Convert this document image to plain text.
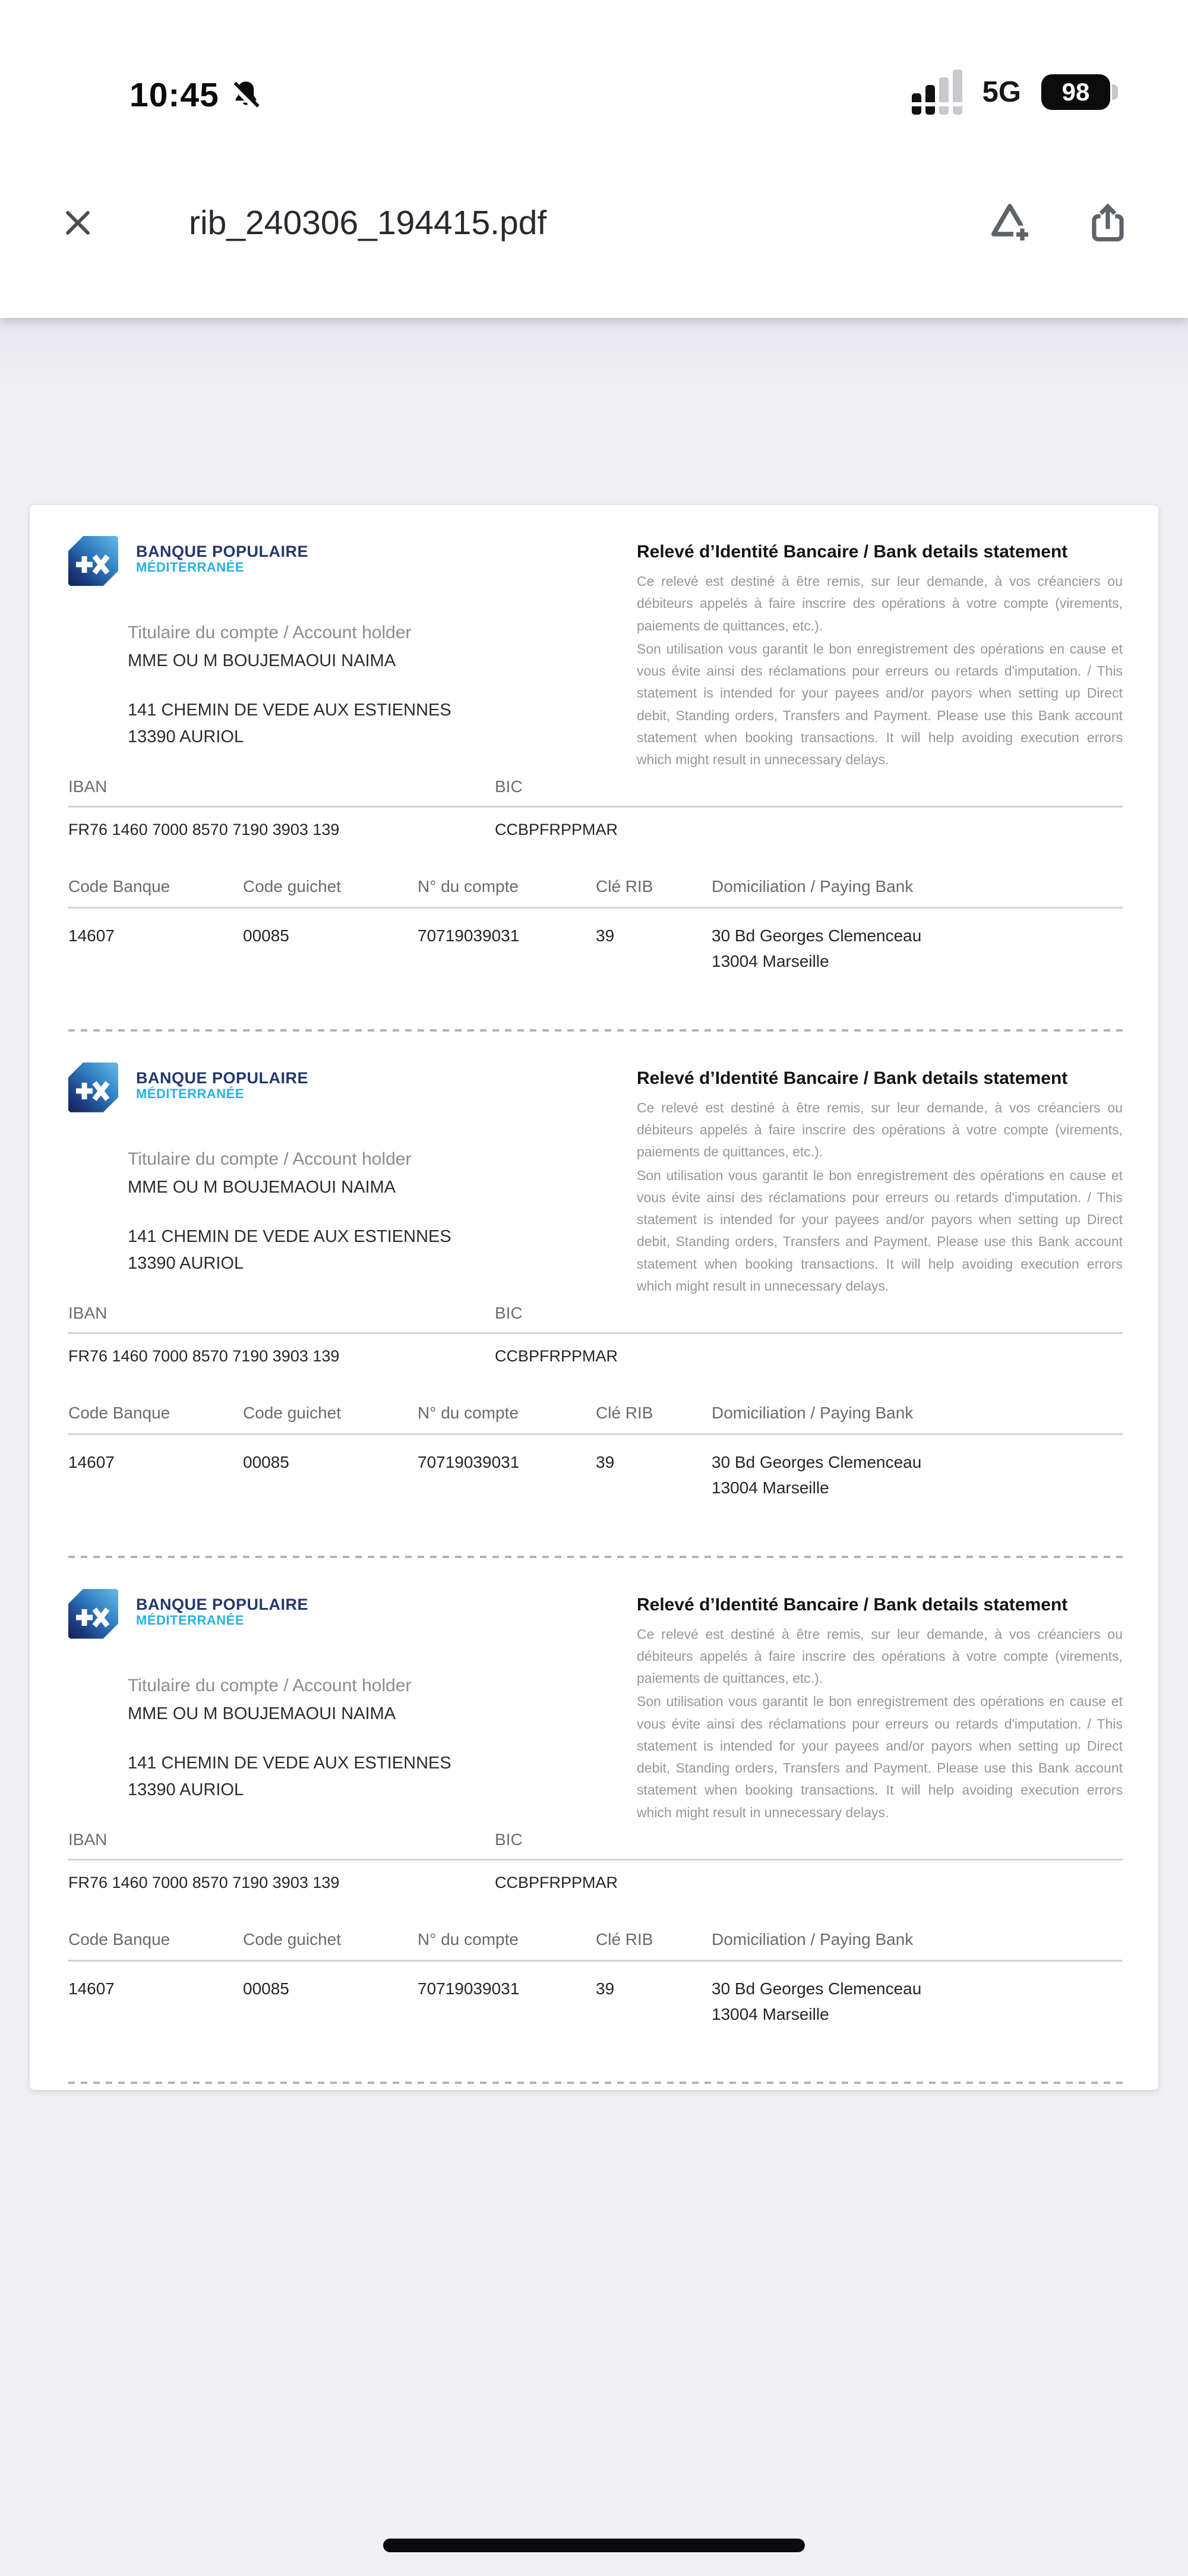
10:45	5G	98
rib_240306_194415.pdf
BANQUE POPULAIRE
MÉDITERRANÉE
Titulaire du compte / Account holder
MME OU M BOUJEMAOUI NAIMA
141 CHEMIN DE VEDE AUX ESTIENNES
13390 AURIOL
Relevé d’Identité Bancaire / Bank details statement
Ce relevé est destiné à être remis, sur leur demande, à vos créanciers ou débiteurs appelés à faire inscrire des opérations à votre compte (virements, paiements de quittances, etc.).
Son utilisation vous garantit le bon enregistrement des opérations en cause et vous évite ainsi des réclamations pour erreurs ou retards d'imputation. / This statement is intended for your payees and/or payors when setting up Direct debit, Standing orders, Transfers and Payment. Please use this Bank account statement when booking transactions. It will help avoiding execution errors which might result in unnecessary delays.
IBAN	BIC
FR76 1460 7000 8570 7190 3903 139	CCBPFRPPMAR
Code Banque	Code guichet	N° du compte	Clé RIB	Domiciliation / Paying Bank
14607	00085	70719039031	39	30 Bd Georges Clemenceau
13004 Marseille
BANQUE POPULAIRE
MÉDITERRANÉE
Titulaire du compte / Account holder
MME OU M BOUJEMAOUI NAIMA
141 CHEMIN DE VEDE AUX ESTIENNES
13390 AURIOL
Relevé d’Identité Bancaire / Bank details statement
Ce relevé est destiné à être remis, sur leur demande, à vos créanciers ou débiteurs appelés à faire inscrire des opérations à votre compte (virements, paiements de quittances, etc.).
Son utilisation vous garantit le bon enregistrement des opérations en cause et vous évite ainsi des réclamations pour erreurs ou retards d'imputation. / This statement is intended for your payees and/or payors when setting up Direct debit, Standing orders, Transfers and Payment. Please use this Bank account statement when booking transactions. It will help avoiding execution errors which might result in unnecessary delays.
IBAN	BIC
FR76 1460 7000 8570 7190 3903 139	CCBPFRPPMAR
Code Banque	Code guichet	N° du compte	Clé RIB	Domiciliation / Paying Bank
14607	00085	70719039031	39	30 Bd Georges Clemenceau
13004 Marseille
BANQUE POPULAIRE
MÉDITERRANÉE
Titulaire du compte / Account holder
MME OU M BOUJEMAOUI NAIMA
141 CHEMIN DE VEDE AUX ESTIENNES
13390 AURIOL
Relevé d’Identité Bancaire / Bank details statement
Ce relevé est destiné à être remis, sur leur demande, à vos créanciers ou débiteurs appelés à faire inscrire des opérations à votre compte (virements, paiements de quittances, etc.).
Son utilisation vous garantit le bon enregistrement des opérations en cause et vous évite ainsi des réclamations pour erreurs ou retards d'imputation. / This statement is intended for your payees and/or payors when setting up Direct debit, Standing orders, Transfers and Payment. Please use this Bank account statement when booking transactions. It will help avoiding execution errors which might result in unnecessary delays.
IBAN	BIC
FR76 1460 7000 8570 7190 3903 139	CCBPFRPPMAR
Code Banque	Code guichet	N° du compte	Clé RIB	Domiciliation / Paying Bank
14607	00085	70719039031	39	30 Bd Georges Clemenceau
13004 Marseille
